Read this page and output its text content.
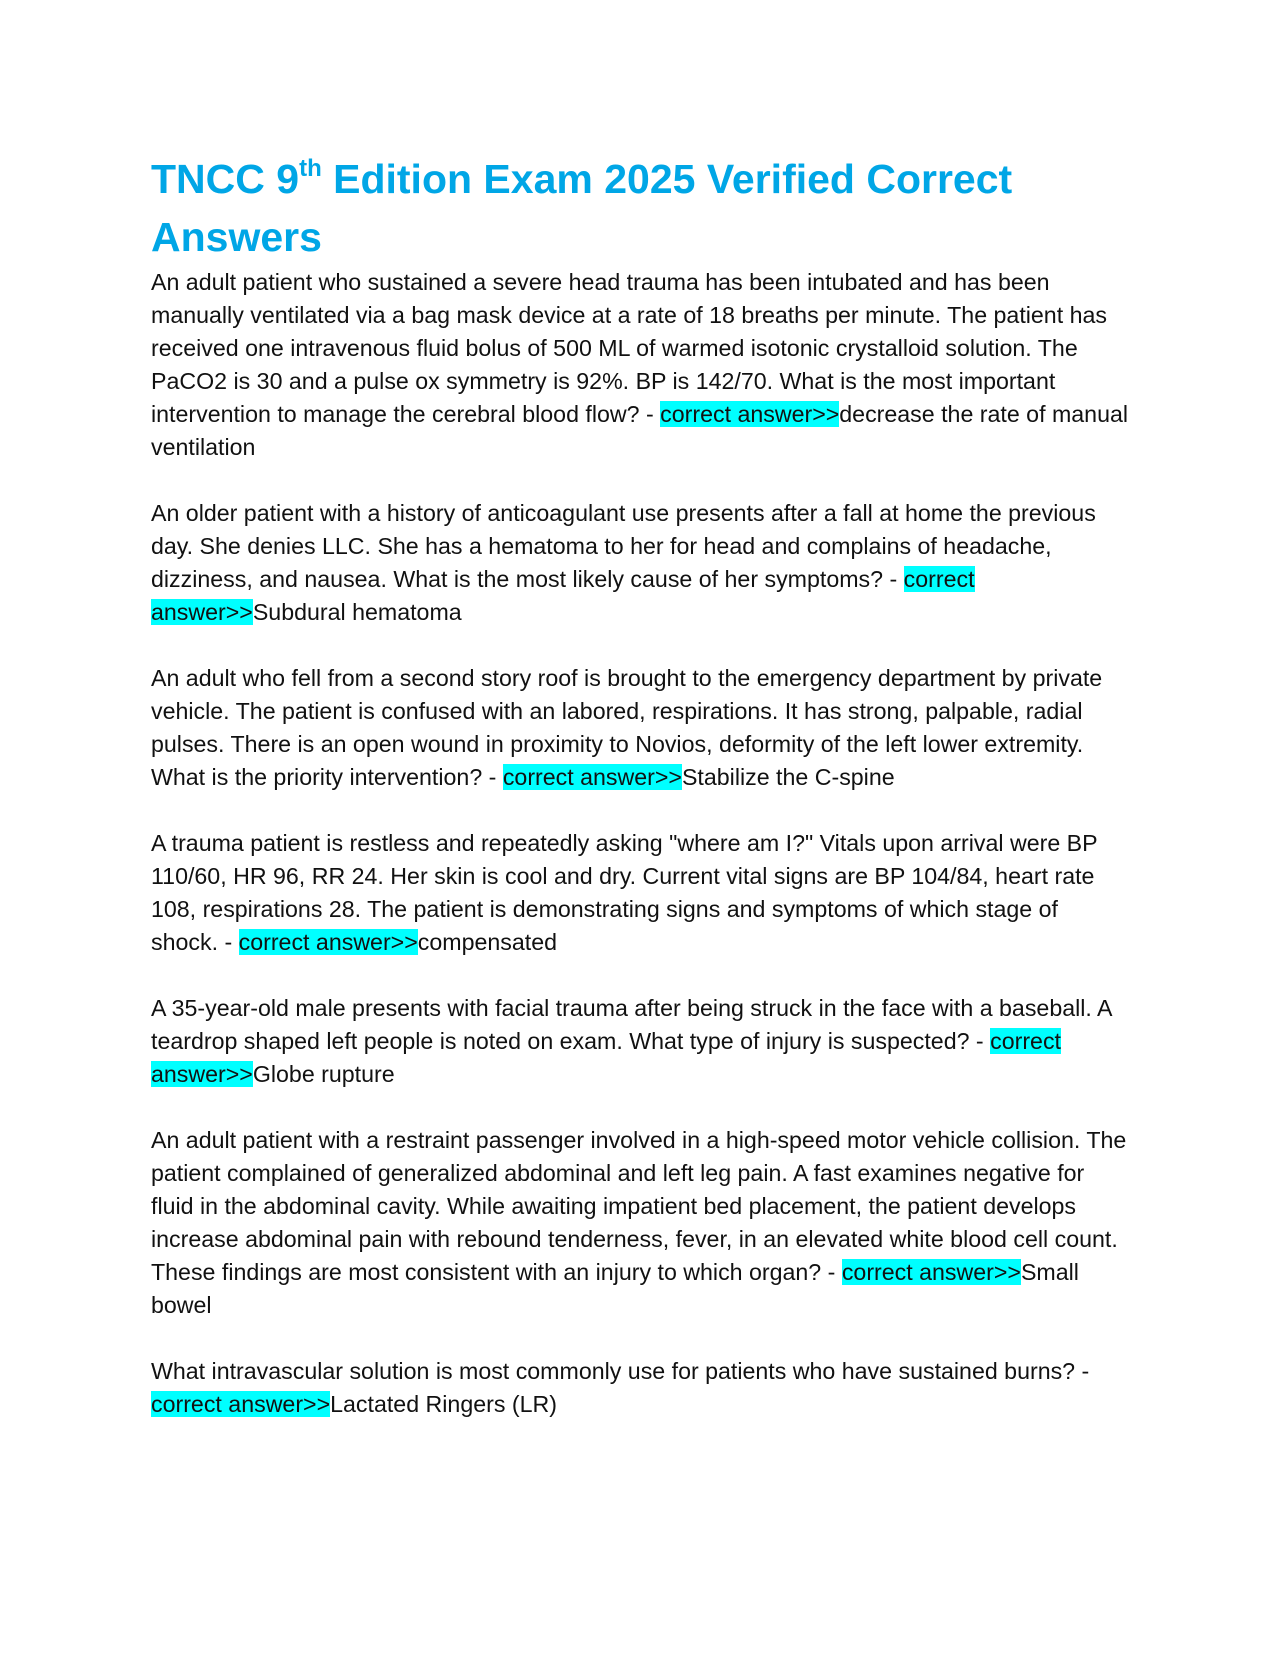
TNCC 9th Edition Exam 2025 Verified Correct Answers

An adult patient who sustained a severe head trauma has been intubated and has been manually ventilated via a bag mask device at a rate of 18 breaths per minute. The patient has received one intravenous fluid bolus of 500 ML of warmed isotonic crystalloid solution. The PaCO2 is 30 and a pulse ox symmetry is 92%. BP is 142/70. What is the most important intervention to manage the cerebral blood flow? - correct answer>>decrease the rate of manual ventilation

An older patient with a history of anticoagulant use presents after a fall at home the previous day. She denies LLC. She has a hematoma to her for head and complains of headache, dizziness, and nausea. What is the most likely cause of her symptoms? - correct answer>>Subdural hematoma

An adult who fell from a second story roof is brought to the emergency department by private vehicle. The patient is confused with an labored, respirations. It has strong, palpable, radial pulses. There is an open wound in proximity to Novios, deformity of the left lower extremity. What is the priority intervention? - correct answer>>Stabilize the C-spine

A trauma patient is restless and repeatedly asking "where am I?" Vitals upon arrival were BP 110/60, HR 96, RR 24. Her skin is cool and dry. Current vital signs are BP 104/84, heart rate 108, respirations 28. The patient is demonstrating signs and symptoms of which stage of shock. - correct answer>>compensated

A 35-year-old male presents with facial trauma after being struck in the face with a baseball. A teardrop shaped left people is noted on exam. What type of injury is suspected? - correct answer>>Globe rupture

An adult patient with a restraint passenger involved in a high-speed motor vehicle collision. The patient complained of generalized abdominal and left leg pain. A fast examines negative for fluid in the abdominal cavity. While awaiting impatient bed placement, the patient develops increase abdominal pain with rebound tenderness, fever, in an elevated white blood cell count. These findings are most consistent with an injury to which organ? - correct answer>>Small bowel

What intravascular solution is most commonly use for patients who have sustained burns? - correct answer>>Lactated Ringers (LR)
